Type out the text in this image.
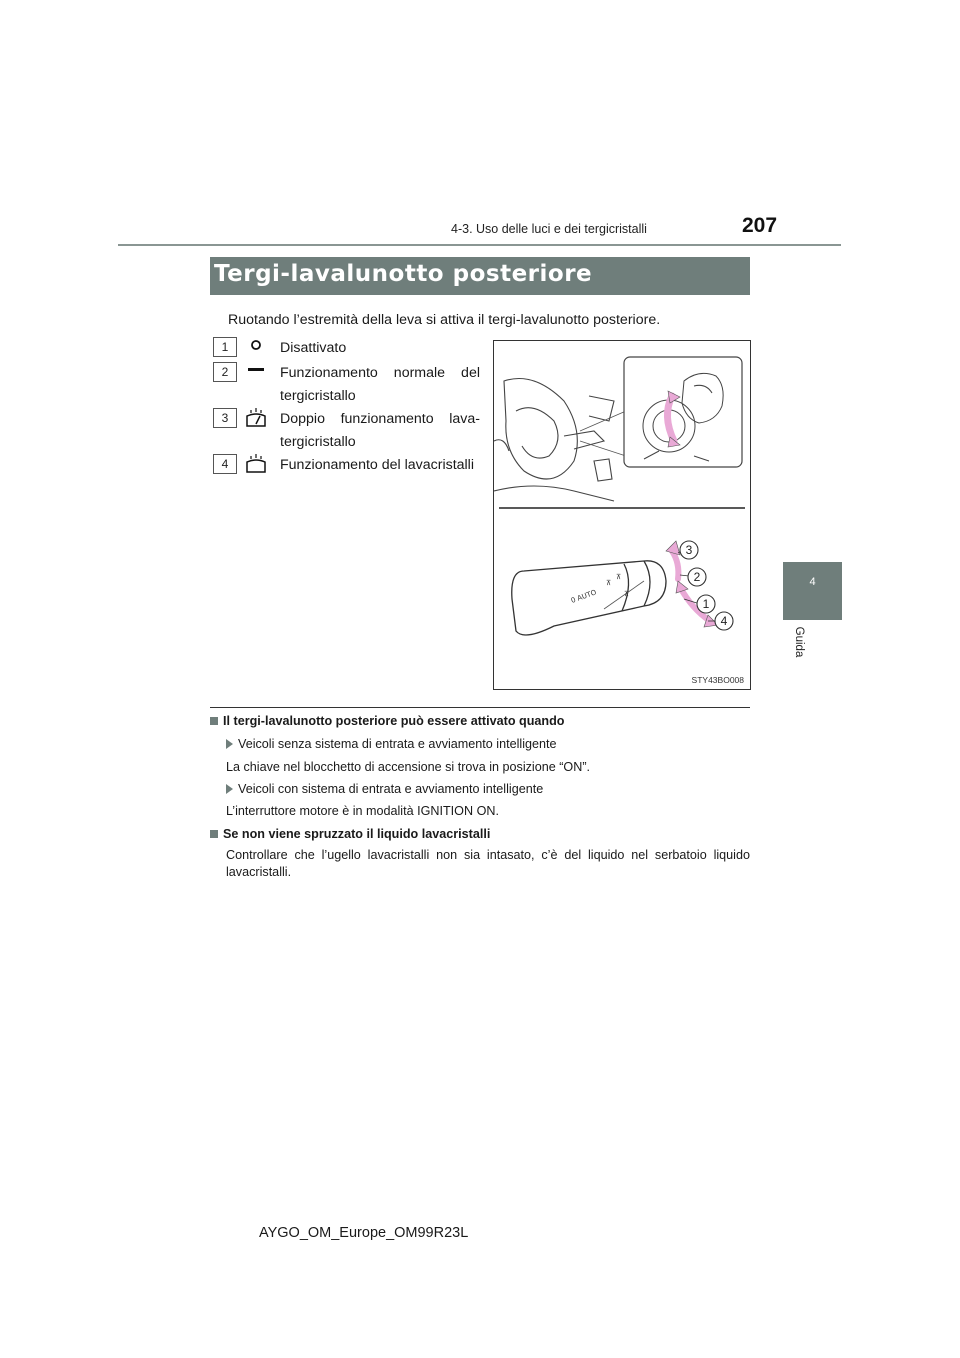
4-3. Uso delle luci e dei tergicristalli	207
4
Guida
Tergi-lavalunotto posteriore
Ruotando l’estremità della leva si attiva il tergi-lavalunotto posteriore.
1	Disattivato
2	Funzionamento normale del tergicristallo
3	Doppio funzionamento lava-tergicristallo
4	Funzionamento del lavacristalli
0 AUTO
⊼
⊼
⊼
3
2
1
4
STY43BO008
Il tergi-lavalunotto posteriore può essere attivato quando
Veicoli senza sistema di entrata e avviamento intelligente
La chiave nel blocchetto di accensione si trova in posizione “ON”.
Veicoli con sistema di entrata e avviamento intelligente
L’interruttore motore è in modalità IGNITION ON.
Se non viene spruzzato il liquido lavacristalli
Controllare che l’ugello lavacristalli non sia intasato, c’è del liquido nel serbatoio liquido lavacristalli.
AYGO_OM_Europe_OM99R23L
